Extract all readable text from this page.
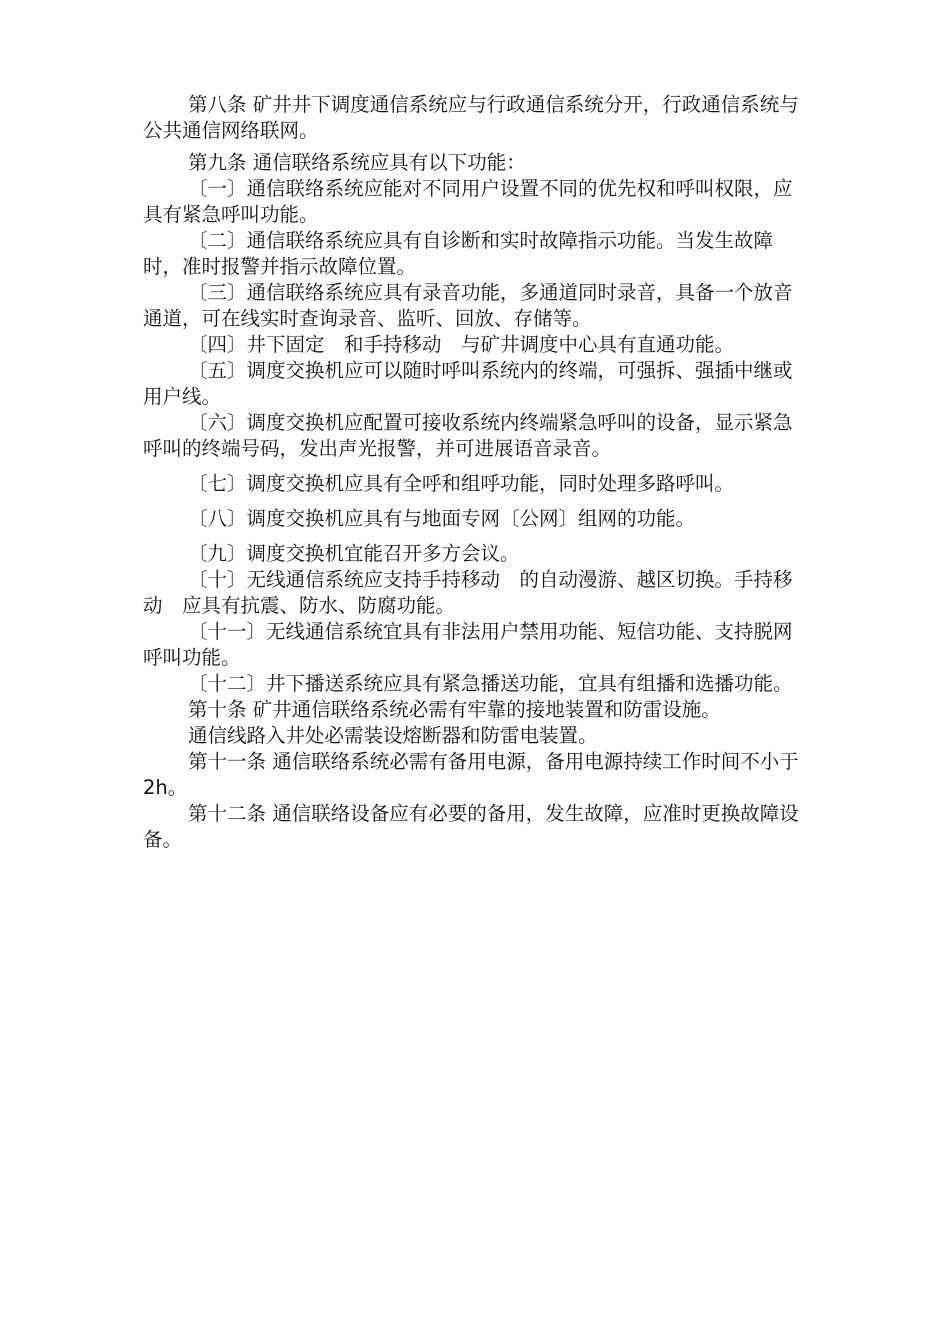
第八条 矿井井下调度通信系统应与行政通信系统分开，行政通信系统与公共通信网络联网。

第九条 通信联络系统应具有以下功能：

〔一〕通信联络系统应能对不同用户设置不同的优先权和呼叫权限，应具有紧急呼叫功能。

〔二〕通信联络系统应具有自诊断和实时故障指示功能。当发生故障时，准时报警并指示故障位置。

〔三〕通信联络系统应具有录音功能，多通道同时录音，具备一个放音通道，可在线实时查询录音、监听、回放、存储等。

〔四〕井下固定　和手持移动　与矿井调度中心具有直通功能。

〔五〕调度交换机应可以随时呼叫系统内的终端，可强拆、强插中继或用户线。

〔六〕调度交换机应配置可接收系统内终端紧急呼叫的设备，显示紧急呼叫的终端号码，发出声光报警，并可进展语音录音。

〔七〕调度交换机应具有全呼和组呼功能，同时处理多路呼叫。

〔八〕调度交换机应具有与地面专网〔公网〕组网的功能。

〔九〕调度交换机宜能召开多方会议。

〔十〕无线通信系统应支持手持移动　的自动漫游、越区切换。手持移动　应具有抗震、防水、防腐功能。

〔十一〕无线通信系统宜具有非法用户禁用功能、短信功能、支持脱网呼叫功能。

〔十二〕井下播送系统应具有紧急播送功能，宜具有组播和选播功能。

第十条 矿井通信联络系统必需有牢靠的接地装置和防雷设施。

通信线路入井处必需装设熔断器和防雷电装置。

第十一条 通信联络系统必需有备用电源，备用电源持续工作时间不小于 2h。

第十二条 通信联络设备应有必要的备用，发生故障，应准时更换故障设备。
